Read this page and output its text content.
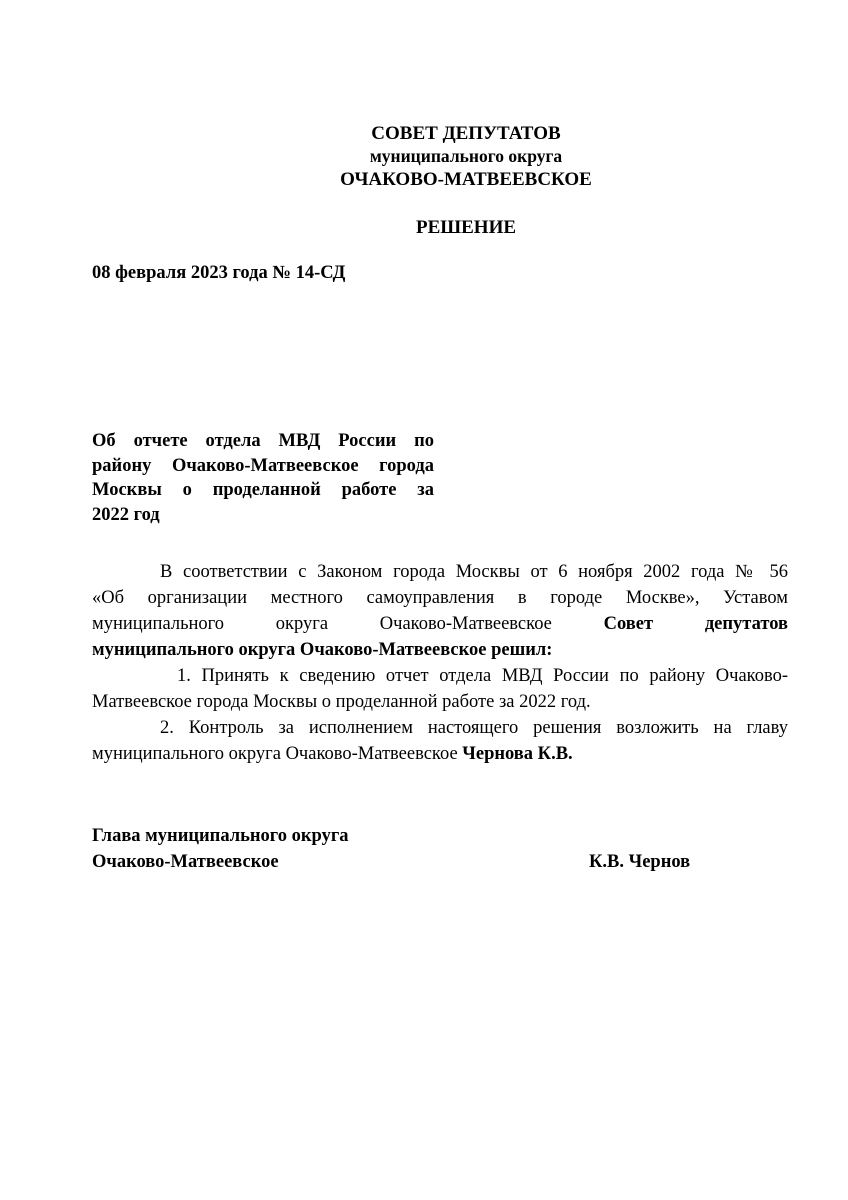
СОВЕТ ДЕПУТАТОВ
муниципального округа
ОЧАКОВО-МАТВЕЕВСКОЕ
РЕШЕНИЕ
08 февраля 2023 года № 14-СД
Об отчете отдела МВД России по
району Очаково-Матвеевское города
Москвы о проделанной работе за
2022 год
В соответствии с Законом города Москвы от 6 ноября 2002 года № 56
«Об организации местного самоуправления в городе Москве», Уставом
муниципального округа Очаково-Матвеевское	Совет депутатов
муниципального округа Очаково-Матвеевское решил:
1. Принять к сведению отчет отдела МВД России по району Очаково-
Матвеевское города Москвы о проделанной работе за 2022 год.
2. Контроль за исполнением настоящего решения возложить на главу
муниципального округа Очаково-Матвеевское Чернова К.В.
Глава муниципального округа
Очаково-Матвеевское	К.В. Чернов
